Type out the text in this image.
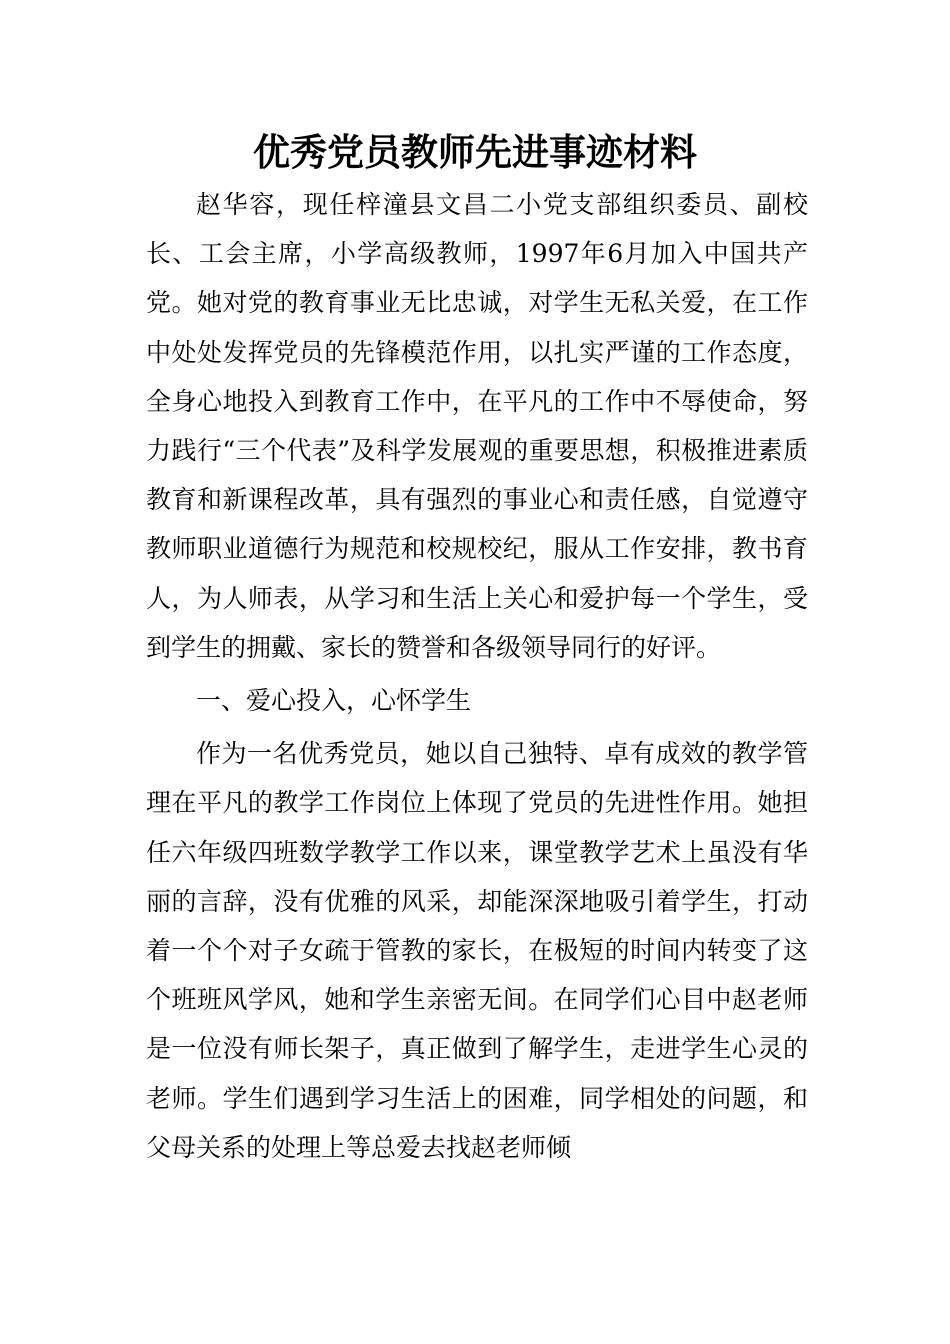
优秀党员教师先进事迹材料

赵华容，现任梓潼县文昌二小党支部组织委员、副校长、工会主席，小学高级教师，1997年6月加入中国共产党。她对党的教育事业无比忠诚，对学生无私关爱，在工作中处处发挥党员的先锋模范作用，以扎实严谨的工作态度，全身心地投入到教育工作中，在平凡的工作中不辱使命，努力践行“三个代表”及科学发展观的重要思想，积极推进素质教育和新课程改革，具有强烈的事业心和责任感，自觉遵守教师职业道德行为规范和校规校纪，服从工作安排，教书育人，为人师表，从学习和生活上关心和爱护每一个学生，受到学生的拥戴、家长的赞誉和各级领导同行的好评。

一、爱心投入，心怀学生

作为一名优秀党员，她以自己独特、卓有成效的教学管理在平凡的教学工作岗位上体现了党员的先进性作用。她担任六年级四班数学教学工作以来，课堂教学艺术上虽没有华丽的言辞，没有优雅的风采，却能深深地吸引着学生，打动着一个个对子女疏于管教的家长，在极短的时间内转变了这个班班风学风，她和学生亲密无间。在同学们心目中赵老师是一位没有师长架子，真正做到了解学生，走进学生心灵的老师。学生们遇到学习生活上的困难，同学相处的问题，和父母关系的处理上等总爱去找赵老师倾
